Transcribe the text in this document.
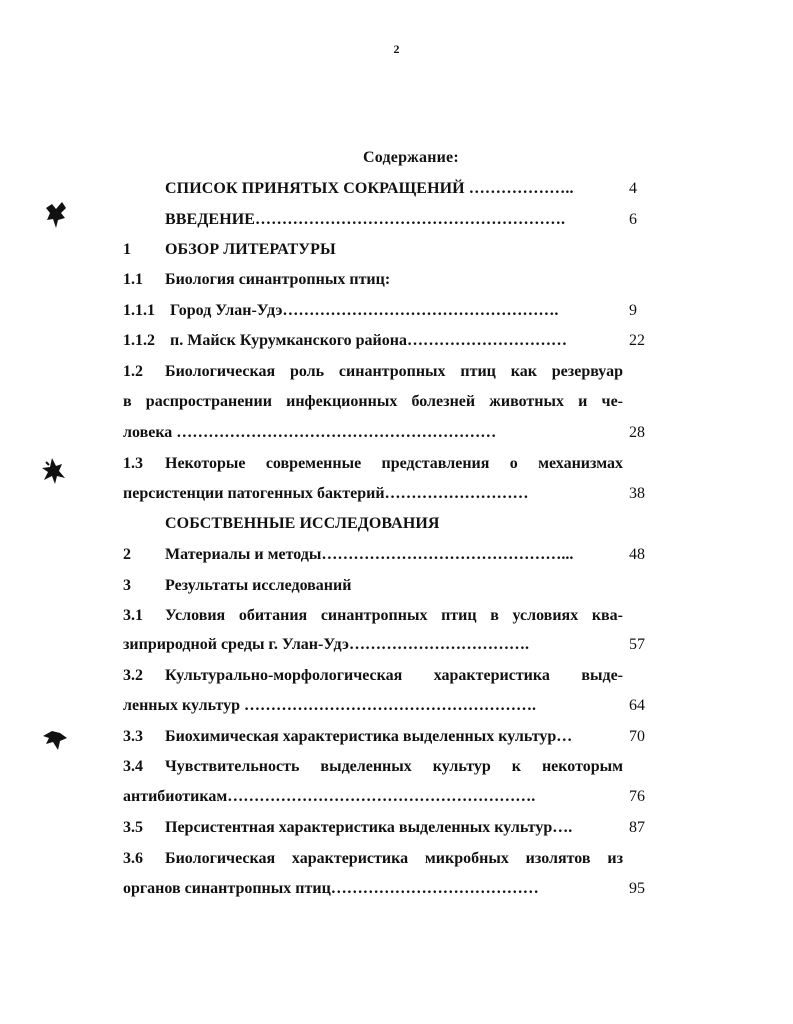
2
Содержание:
СПИСОК ПРИНЯТЫХ СОКРАЩЕНИЙ ………………..	4
ВВЕДЕНИЕ………………………………………………….	6
1 ОБЗОР ЛИТЕРАТУРЫ
1.1 Биология синантропных птиц:
1.1.1 Город Улан-Удэ…………………………………………….	9
1.1.2 п. Майск Курумканского района…………………………	22
1.2 Биологическая роль синантропных птиц как резервуар
в распространении инфекционных болезней животных и че-
ловека ……………………………………………………	28
1.3 Некоторые современные представления о механизмах
персистенции патогенных бактерий………………………	38
СОБСТВЕННЫЕ ИССЛЕДОВАНИЯ
2 Материалы и методы………………………………………...	48
3 Результаты исследований
3.1 Условия обитания синантропных птиц в условиях ква-
зиприродной среды г. Улан-Удэ…………………………….	57
3.2 Культурально-морфологическая характеристика выде-
ленных культур ……………………………………………….	64
3.3 Биохимическая характеристика выделенных культур…	70
3.4 Чувствительность выделенных культур к некоторым
антибиотикам………………………………………………….	76
3.5 Персистентная характеристика выделенных культур….	87
3.6 Биологическая характеристика микробных изолятов из
органов синантропных птиц…………………………………	95
